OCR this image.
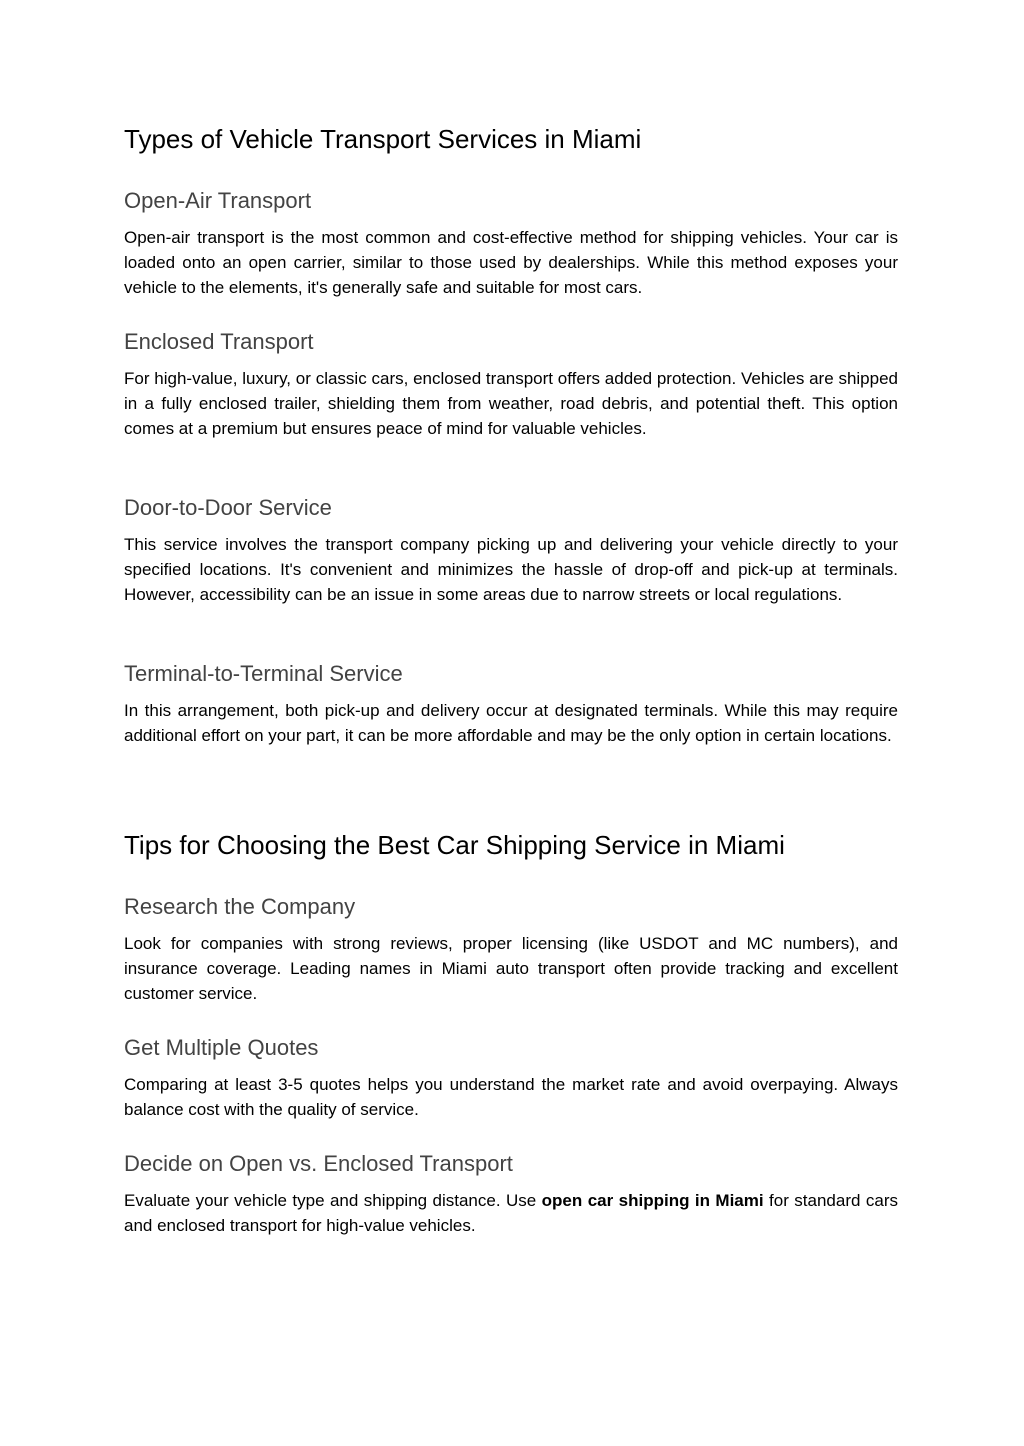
Types of Vehicle Transport Services in Miami
Open-Air Transport

Open-air transport is the most common and cost-effective method for shipping vehicles. Your car is loaded onto an open carrier, similar to those used by dealerships. While this method exposes your vehicle to the elements, it's generally safe and suitable for most cars.

Enclosed Transport

For high-value, luxury, or classic cars, enclosed transport offers added protection. Vehicles are shipped in a fully enclosed trailer, shielding them from weather, road debris, and potential theft. This option comes at a premium but ensures peace of mind for valuable vehicles.

Door-to-Door Service

This service involves the transport company picking up and delivering your vehicle directly to your specified locations. It's convenient and minimizes the hassle of drop-off and pick-up at terminals. However, accessibility can be an issue in some areas due to narrow streets or local regulations.

Terminal-to-Terminal Service

In this arrangement, both pick-up and delivery occur at designated terminals. While this may require additional effort on your part, it can be more affordable and may be the only option in certain locations.

Tips for Choosing the Best Car Shipping Service in Miami
Research the Company

Look for companies with strong reviews, proper licensing (like USDOT and MC numbers), and insurance coverage. Leading names in Miami auto transport often provide tracking and excellent customer service.

Get Multiple Quotes

Comparing at least 3-5 quotes helps you understand the market rate and avoid overpaying. Always balance cost with the quality of service.

Decide on Open vs. Enclosed Transport

Evaluate your vehicle type and shipping distance. Use open car shipping in Miami for standard cars and enclosed transport for high-value vehicles.
